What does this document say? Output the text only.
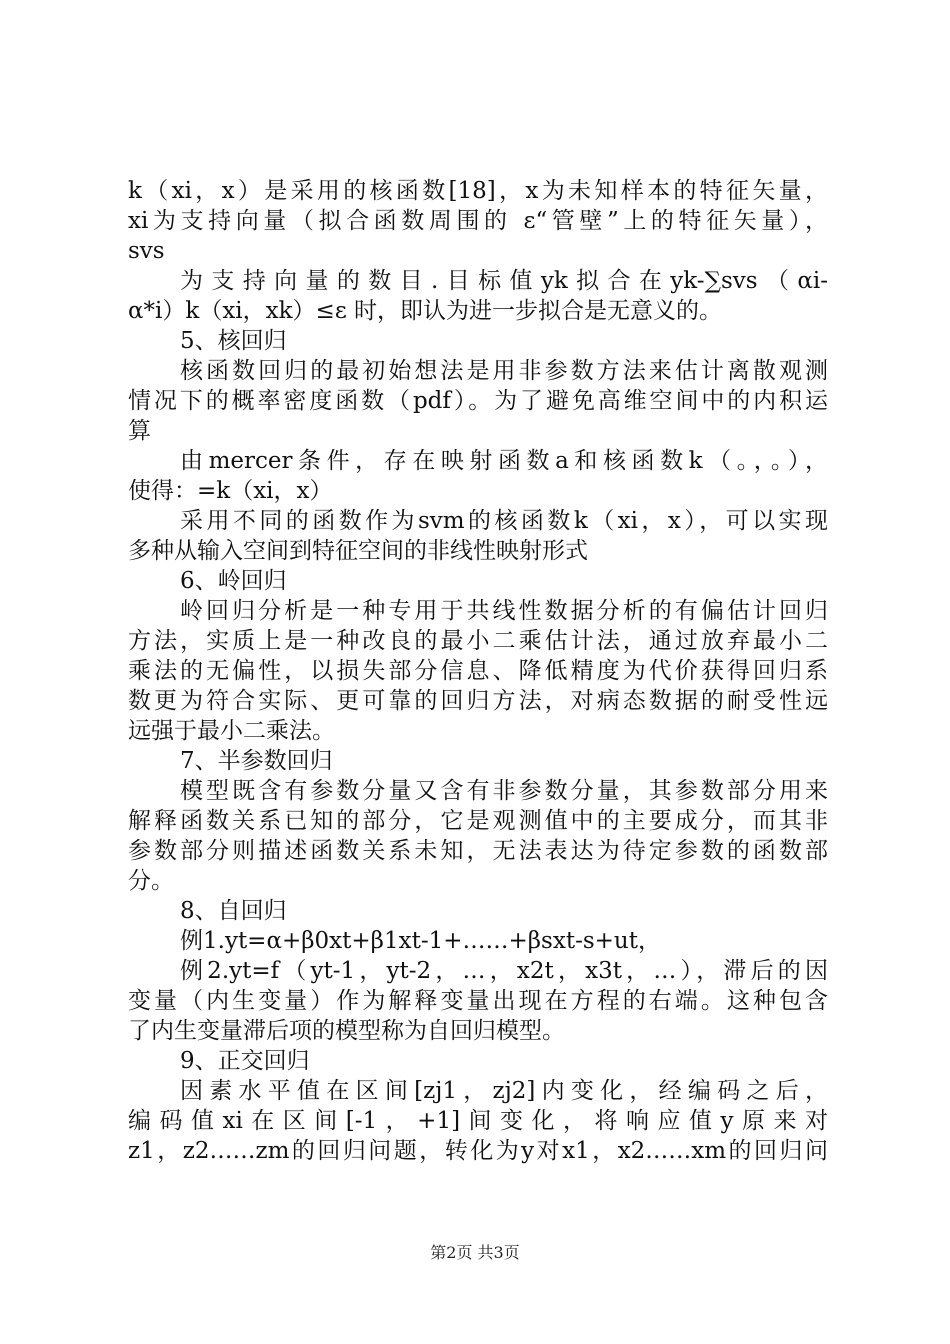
k（xi，x）是采用的核函数[18]，x为未知样本的特征矢量，
xi为支持向量（拟合函数周围的 ε“管壁”上的特征矢量），
svs
为支持向量的数目.目标值yk拟合在yk-∑svs（αi-
α*i）k（xi，xk）≤ε 时，即认为进一步拟合是无意义的。
5、核回归
核函数回归的最初始想法是用非参数方法来估计离散观测
情况下的概率密度函数（pdf）。为了避免高维空间中的内积运
算
由mercer条件，存在映射函数a和核函数k（。，。），
使得：=k（xi，x）
采用不同的函数作为svm的核函数k（xi，x），可以实现
多种从输入空间到特征空间的非线性映射形式
6、岭回归
岭回归分析是一种专用于共线性数据分析的有偏估计回归
方法，实质上是一种改良的最小二乘估计法，通过放弃最小二
乘法的无偏性，以损失部分信息、降低精度为代价获得回归系
数更为符合实际、更可靠的回归方法，对病态数据的耐受性远
远强于最小二乘法。
7、半参数回归
模型既含有参数分量又含有非参数分量，其参数部分用来
解释函数关系已知的部分，它是观测值中的主要成分，而其非
参数部分则描述函数关系未知，无法表达为待定参数的函数部
分。
8、自回归
例1.yt=α+β0xt+β1xt-1+……+βsxt-s+ut，
例2.yt=f（yt-1，yt-2，…，x2t，x3t，…），滞后的因
变量（内生变量）作为解释变量出现在方程的右端。这种包含
了内生变量滞后项的模型称为自回归模型。
9、正交回归
因素水平值在区间[zj1，zj2]内变化，经编码之后，
编码值xi在区间[-1，+1]间变化，将响应值y原来对
z1，z2……zm的回归问题，转化为y对x1，x2……xm的回归问
第2页 共3页
